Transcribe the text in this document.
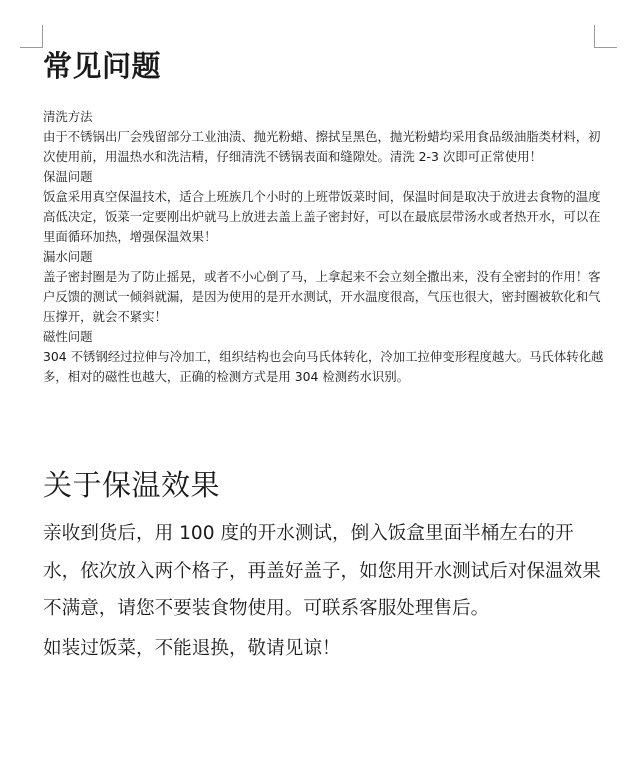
常见问题

清洗方法

由于不锈锅出厂会残留部分工业油渍、抛光粉蜡、擦拭呈黑色，抛光粉蜡均采用食品级油脂类材料，初次使用前，用温热水和洗洁精，仔细清洗不锈锅表面和缝隙处。清洗 2-3 次即可正常使用！

保温问题

饭盒采用真空保温技术，适合上班族几个小时的上班带饭菜时间，保温时间是取决于放进去食物的温度高低决定，饭菜一定要刚出炉就马上放进去盖上盖子密封好，可以在最底层带汤水或者热开水，可以在里面循环加热，增强保温效果！

漏水问题

盖子密封圈是为了防止摇晃，或者不小心倒了马，上拿起来不会立刻全撒出来，没有全密封的作用！客户反馈的测试一倾斜就漏，是因为使用的是开水测试，开水温度很高，气压也很大，密封圈被软化和气压撑开，就会不紧实！

磁性问题

304 不锈钢经过拉伸与冷加工，组织结构也会向马氏体转化，冷加工拉伸变形程度越大。马氏体转化越多，相对的磁性也越大，正确的检测方式是用 304 检测药水识别。

关于保温效果

亲收到货后，用 100 度的开水测试，倒入饭盒里面半桶左右的开水，依次放入两个格子，再盖好盖子，如您用开水测试后对保温效果不满意，请您不要装食物使用。可联系客服处理售后。

如装过饭菜，不能退换，敬请见谅！
